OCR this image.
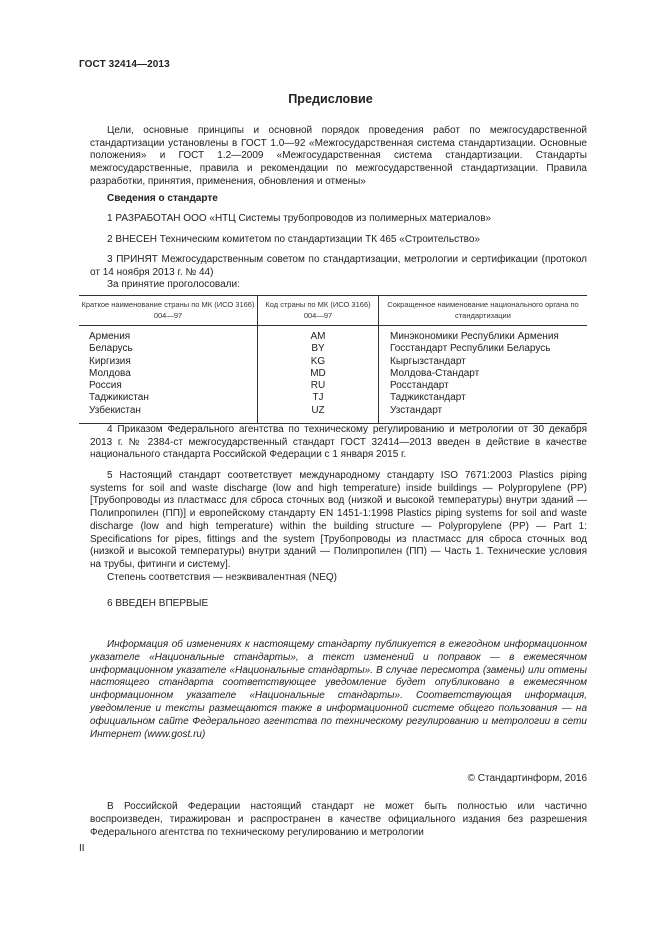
ГОСТ 32414—2013
Предисловие

Цели, основные принципы и основной порядок проведения работ по межгосударственной стандартизации установлены в ГОСТ 1.0—92 «Межгосударственная система стандартизации. Основные положения» и ГОСТ 1.2—2009 «Межгосударственная система стандартизации. Стандарты межгосударственные, правила и рекомендации по межгосударственной стандартизации. Правила разработки, принятия, применения, обновления и отмены»

Сведения о стандарте

1 РАЗРАБОТАН ООО «НТЦ Системы трубопроводов из полимерных материалов»

2 ВНЕСЕН Техническим комитетом по стандартизации ТК 465 «Строительство»

3 ПРИНЯТ Межгосударственным советом по стандартизации, метрологии и сертификации (протокол от 14 ноября 2013 г. № 44)

За принятие проголосовали:

Краткое наименование страны по МК (ИСО 3166) 004—97	Код страны по МК (ИСО 3166) 004—97	Сокращенное наименование национального органа по стандартизации
Армения	AM	Минэкономики Республики Армения
Беларусь	BY	Госстандарт Республики Беларусь
Киргизия	KG	Кыргызстандарт
Молдова	MD	Молдова-Стандарт
Россия	RU	Росстандарт
Таджикистан	TJ	Таджикстандарт
Узбекистан	UZ	Узстандарт

4 Приказом Федерального агентства по техническому регулированию и метрологии от 30 декабря 2013 г. № 2384-ст межгосударственный стандарт ГОСТ 32414—2013 введен в действие в качестве национального стандарта Российской Федерации с 1 января 2015 г.

5 Настоящий стандарт соответствует международному стандарту ISO 7671:2003 Plastics piping systems for soil and waste discharge (low and high temperature) inside buildings — Polypropylene (PP) [Трубопроводы из пластмасс для сброса сточных вод (низкой и высокой температуры) внутри зданий — Полипропилен (ПП)] и европейскому стандарту EN 1451-1:1998 Plastics piping systems for soil and waste discharge (low and high temperature) within the building structure — Polypropylene (PP) — Part 1: Specifications for pipes, fittings and the system [Трубопроводы из пластмасс для сброса сточных вод (низкой и высокой температуры) внутри зданий — Полипропилен (ПП) — Часть 1. Технические условия на трубы, фитинги и систему].

Степень соответствия — неэквивалентная (NEQ)

6 ВВЕДЕН ВПЕРВЫЕ

Информация об изменениях к настоящему стандарту публикуется в ежегодном информационном указателе «Национальные стандарты», а текст изменений и поправок — в ежемесячном информационном указателе «Национальные стандарты». В случае пересмотра (замены) или отмены настоящего стандарта соответствующее уведомление будет опубликовано в ежемесячном информационном указателе «Национальные стандарты». Соответствующая информация, уведомление и тексты размещаются также в информационной системе общего пользования — на официальном сайте Федерального агентства по техническому регулированию и метрологии в сети Интернет (www.gost.ru)
© Стандартинформ, 2016
В Российской Федерации настоящий стандарт не может быть полностью или частично воспроизведен, тиражирован и распространен в качестве официального издания без разрешения Федерального агентства по техническому регулированию и метрологии
II
